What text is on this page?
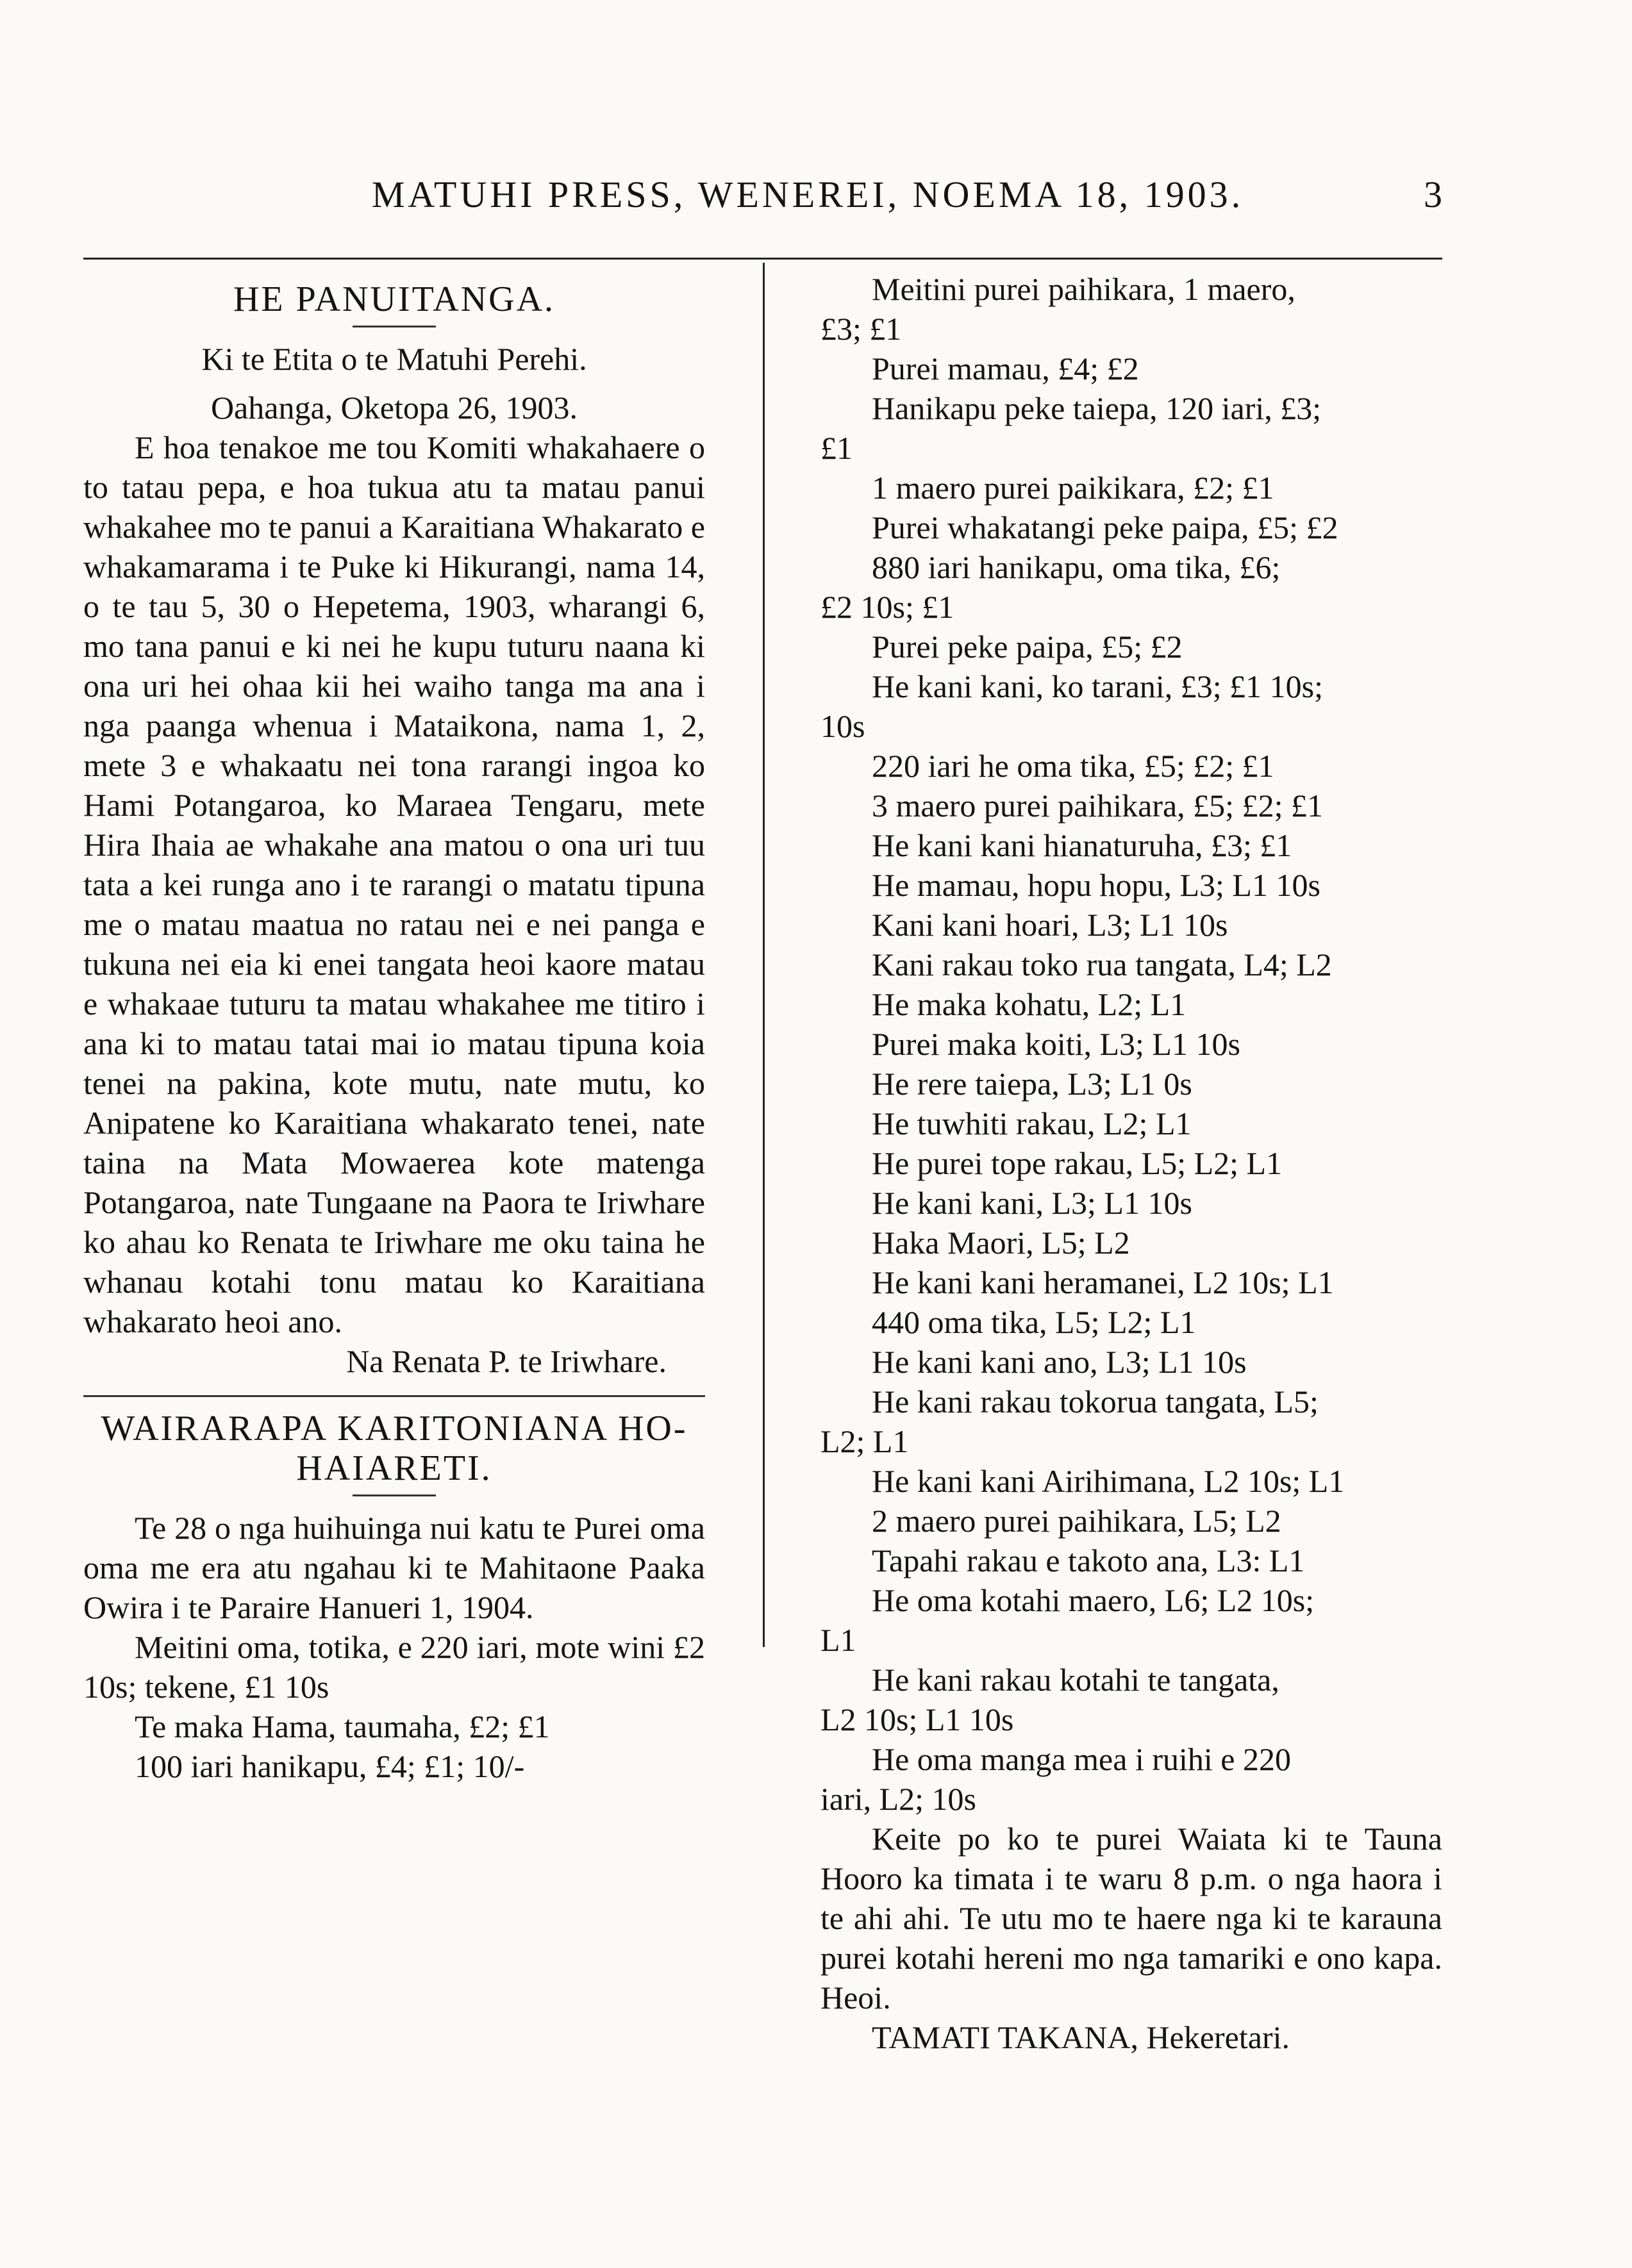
MATUHI PRESS, WENEREI, NOEMA 18, 1903.	3
HE PANUITANGA.

Ki te Etita o te Matuhi Perehi.

Oahanga, Oketopa 26, 1903.

E hoa tenakoe me tou Komiti whakahaere o to tatau pepa, e hoa tukua atu ta matau panui whakahee mo te panui a Karaitiana Whakarato e whakamarama i te Puke ki Hikurangi, nama 14, o te tau 5, 30 o Hepetema, 1903, wharangi 6, mo tana panui e ki nei he kupu tuturu naana ki ona uri hei ohaa kii hei waiho tanga ma ana i nga paanga whenua i Mataikona, nama 1, 2, mete 3 e whakaatu nei tona rarangi ingoa ko Hami Potangaroa, ko Maraea Tengaru, mete Hira Ihaia ae whakahe ana matou o ona uri tuu tata a kei runga ano i te rarangi o matatu tipuna me o matau maatua no ratau nei e nei panga e tukuna nei eia ki enei tangata heoi kaore matau e whakaae tuturu ta matau whakahee me titiro i ana ki to matau tatai mai io matau tipuna koia tenei na pakina, kote mutu, nate mutu, ko Anipatene ko Karaitiana whakarato tenei, nate taina na Mata Mowaerea kote matenga Potangaroa, nate Tungaane na Paora te Iriwhare ko ahau ko Renata te Iriwhare me oku taina he whanau kotahi tonu matau ko Karaitiana whakarato heoi ano.

Na Renata P. te Iriwhare.

WAIRARAPA KARITONIANA HO-
HAIARETI.

Te 28 o nga huihuinga nui katu te Purei oma oma me era atu ngahau ki te Mahitaone Paaka Owira i te Paraire Hanueri 1, 1904.

Meitini oma, totika, e 220 iari, mote wini £2 10s; tekene, £1 10s

Te maka Hama, taumaha, £2; £1

100 iari hanikapu, £4; £1; 10/-

Meitini purei paihikara, 1 maero,
£3; £1
Purei mamau, £4; £2
Hanikapu peke taiepa, 120 iari, £3;
£1
1 maero purei paikikara, £2; £1
Purei whakatangi peke paipa, £5; £2
880 iari hanikapu, oma tika, £6;
£2 10s; £1
Purei peke paipa, £5; £2
He kani kani, ko tarani, £3; £1 10s;
10s
220 iari he oma tika, £5; £2; £1
3 maero purei paihikara, £5; £2; £1
He kani kani hianaturuha, £3; £1
He mamau, hopu hopu, L3; L1 10s
Kani kani hoari, L3; L1 10s
Kani rakau toko rua tangata, L4; L2
He maka kohatu, L2; L1
Purei maka koiti, L3; L1 10s
He rere taiepa, L3; L1 0s
He tuwhiti rakau, L2; L1
He purei tope rakau, L5; L2; L1
He kani kani, L3; L1 10s
Haka Maori, L5; L2
He kani kani heramanei, L2 10s; L1
440 oma tika, L5; L2; L1
He kani kani ano, L3; L1 10s
He kani rakau tokorua tangata, L5;
L2; L1
He kani kani Airihimana, L2 10s; L1
2 maero purei paihikara, L5; L2
Tapahi rakau e takoto ana, L3: L1
He oma kotahi maero, L6; L2 10s;
L1
He kani rakau kotahi te tangata,
L2 10s; L1 10s
He oma manga mea i ruihi e 220
iari, L2; 10s

Keite po ko te purei Waiata ki te Tauna Hooro ka timata i te waru 8 p.m. o nga haora i te ahi ahi. Te utu mo te haere nga ki te karauna purei kotahi hereni mo nga tamariki e ono kapa. Heoi.

TAMATI TAKANA, Hekeretari.
